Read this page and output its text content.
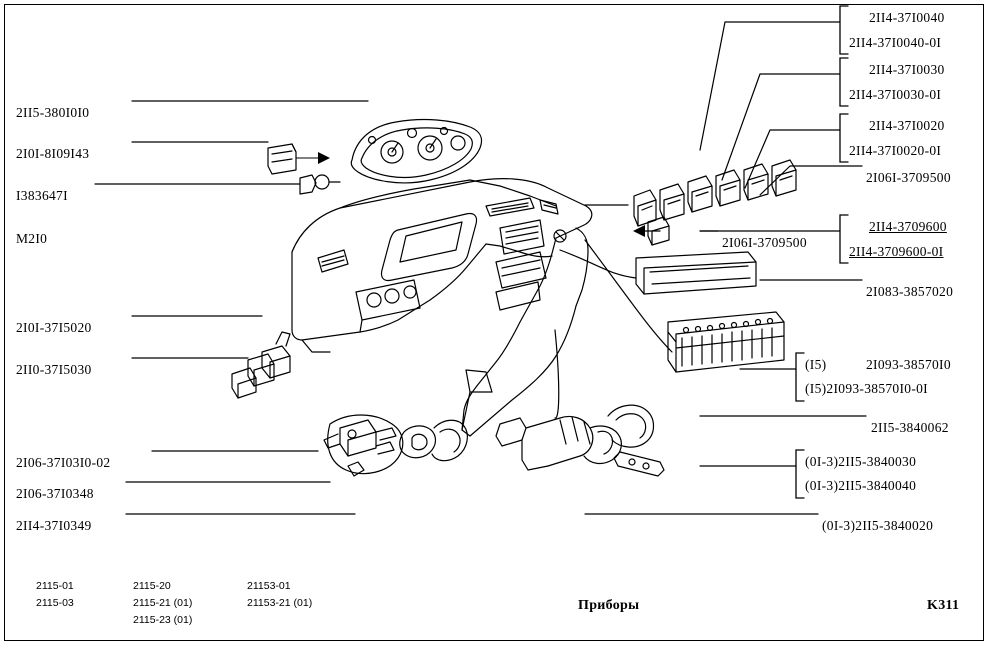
2II5-380I0I0
2I0I-8I09I43
I383647I
M2I0
2I0I-37I5020
2II0-37I5030
2I06-37I03I0-02
2I06-37I0348
2II4-37I0349
2II4-37I0040
2II4-37I0040-0I
2II4-37I0030
2II4-37I0030-0I
2II4-37I0020
2II4-37I0020-0I
2I06I-3709500
2II4-3709600
2II4-3709600-0I
2I06I-3709500
2I083-3857020
(I5)	2I093-38570I0
(I5)2I093-38570I0-0I
2II5-3840062
(0I-3)2II5-3840030
(0I-3)2II5-3840040
(0I-3)2II5-3840020
2115-01
2115-03
2115-20
2115-21 (01)
2115-23 (01)
21153-01
21153-21 (01)	Приборы	K311
